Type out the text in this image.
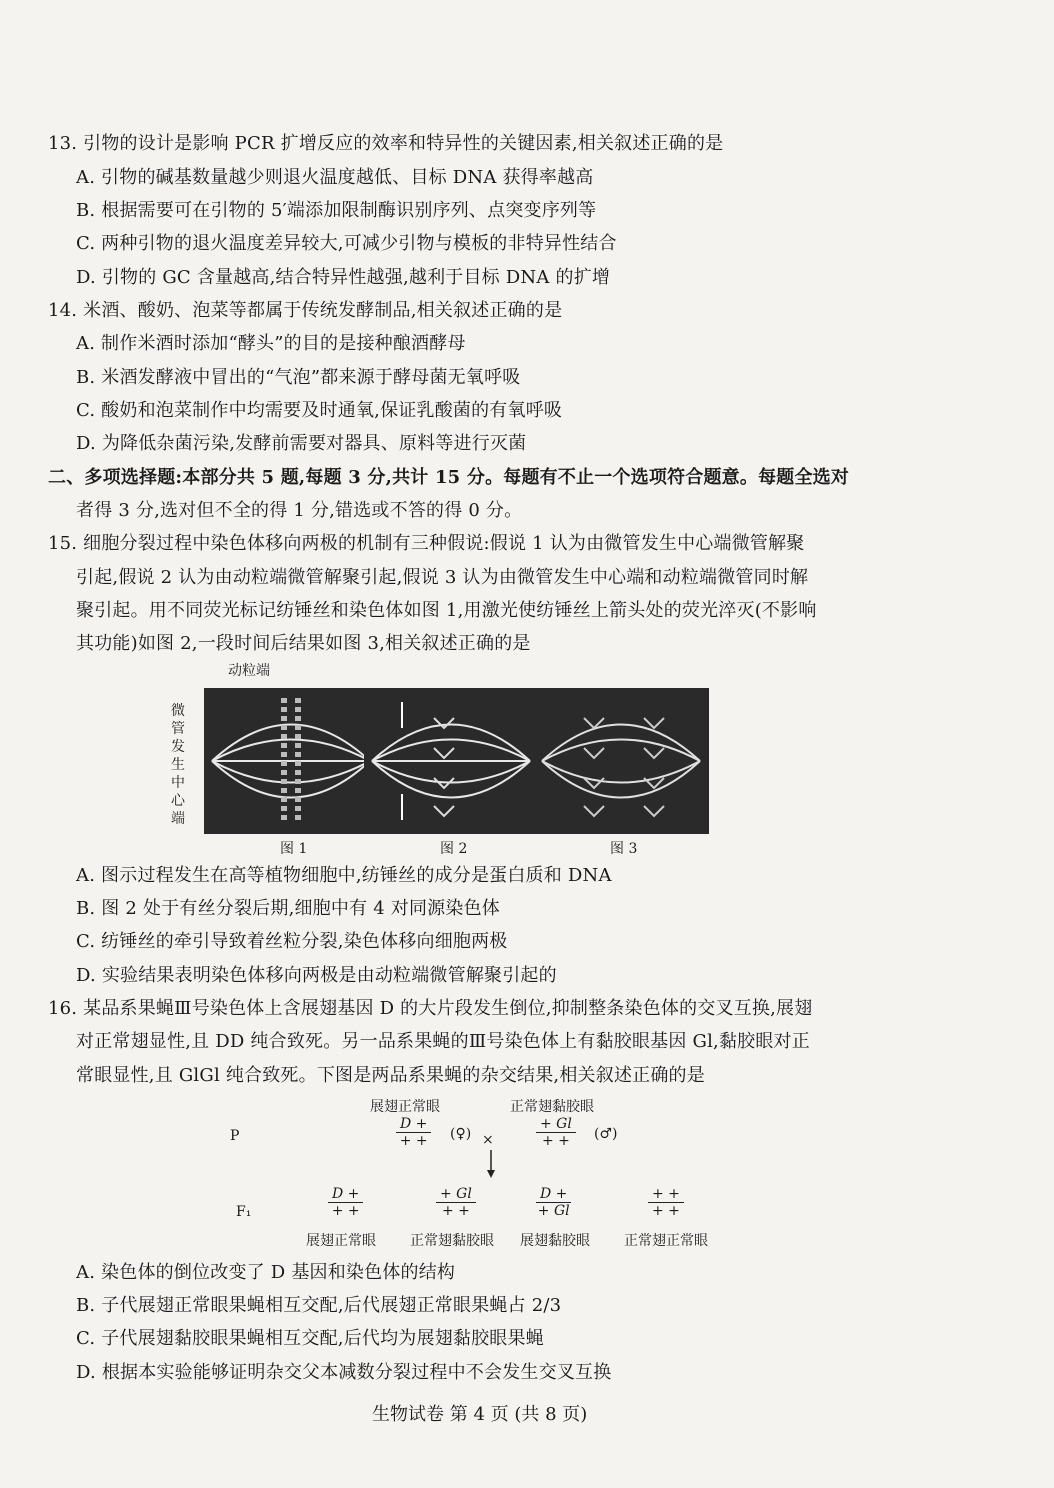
13. 引物的设计是影响 PCR 扩增反应的效率和特异性的关键因素,相关叙述正确的是
A. 引物的碱基数量越少则退火温度越低、目标 DNA 获得率越高
B. 根据需要可在引物的 5′端添加限制酶识别序列、点突变序列等
C. 两种引物的退火温度差异较大,可减少引物与模板的非特异性结合
D. 引物的 GC 含量越高,结合特异性越强,越利于目标 DNA 的扩增
14. 米酒、酸奶、泡菜等都属于传统发酵制品,相关叙述正确的是
A. 制作米酒时添加“酵头”的目的是接种酿酒酵母
B. 米酒发酵液中冒出的“气泡”都来源于酵母菌无氧呼吸
C. 酸奶和泡菜制作中均需要及时通氧,保证乳酸菌的有氧呼吸
D. 为降低杂菌污染,发酵前需要对器具、原料等进行灭菌
二、多项选择题:本部分共 5 题,每题 3 分,共计 15 分。每题有不止一个选项符合题意。每题全选对
者得 3 分,选对但不全的得 1 分,错选或不答的得 0 分。
15. 细胞分裂过程中染色体移向两极的机制有三种假说:假说 1 认为由微管发生中心端微管解聚
引起,假说 2 认为由动粒端微管解聚引起,假说 3 认为由微管发生中心端和动粒端微管同时解
聚引起。用不同荧光标记纺锤丝和染色体如图 1,用激光使纺锤丝上箭头处的荧光淬灭(不影响
其功能)如图 2,一段时间后结果如图 3,相关叙述正确的是
动粒端
微管发生中心端
图 1	图 2	图 3
A. 图示过程发生在高等植物细胞中,纺锤丝的成分是蛋白质和 DNA
B. 图 2 处于有丝分裂后期,细胞中有 4 对同源染色体
C. 纺锤丝的牵引导致着丝粒分裂,染色体移向细胞两极
D. 实验结果表明染色体移向两极是由动粒端微管解聚引起的
16. 某品系果蝇Ⅲ号染色体上含展翅基因 D 的大片段发生倒位,抑制整条染色体的交叉互换,展翅
对正常翅显性,且 DD 纯合致死。另一品系果蝇的Ⅲ号染色体上有黏胶眼基因 Gl,黏胶眼对正
常眼显性,且 GlGl 纯合致死。下图是两品系果蝇的杂交结果,相关叙述正确的是
P
展翅正常眼	正常翅黏胶眼
D +
+ + (♀) ×
+ Gl
+ +	(♂)
F₁
D +
+ +
+ Gl
+ +
D +
+ Gl
+ +
+ +
展翅正常眼 正常翅黏胶眼 展翅黏胶眼 正常翅正常眼
A. 染色体的倒位改变了 D 基因和染色体的结构
B. 子代展翅正常眼果蝇相互交配,后代展翅正常眼果蝇占 2/3
C. 子代展翅黏胶眼果蝇相互交配,后代均为展翅黏胶眼果蝇
D. 根据本实验能够证明杂交父本减数分裂过程中不会发生交叉互换
生物试卷 第 4 页 (共 8 页)
